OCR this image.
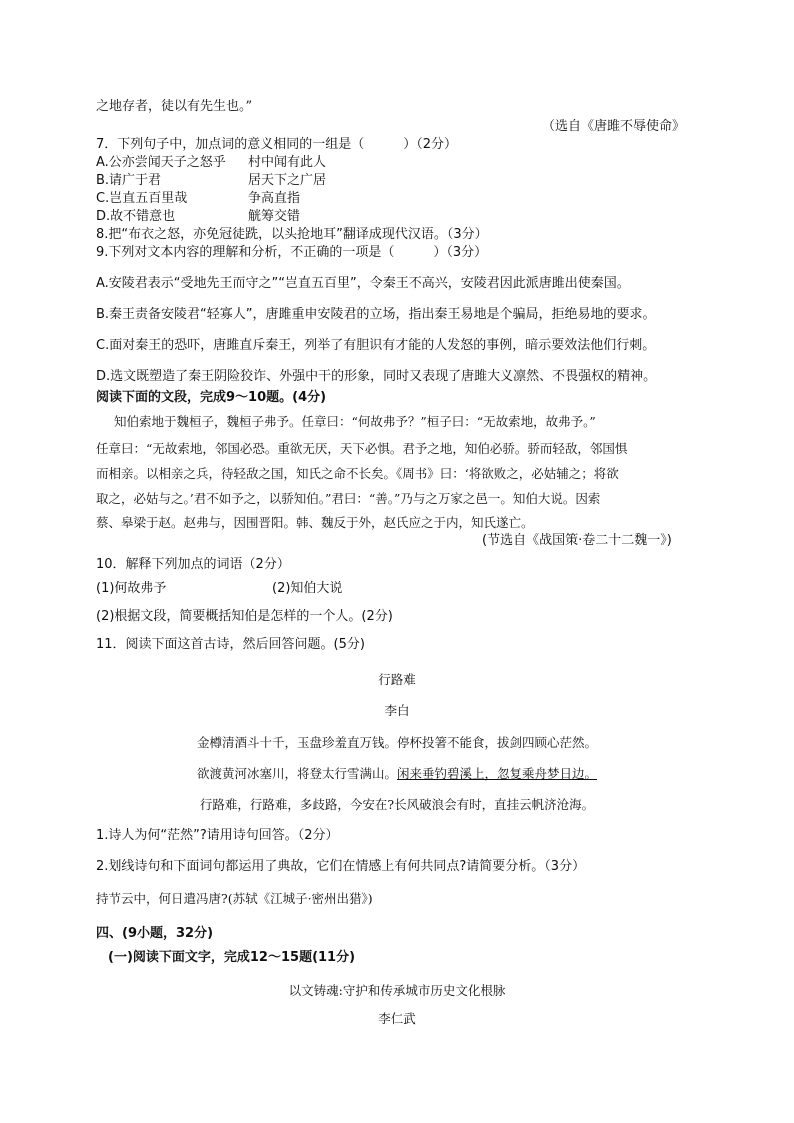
之地存者，徒以有先生也。”
（选自《唐雎不辱使命》
7．下列句子中，加点词的意义相同的一组是（　　　）（2分）
A.公亦尝闻天子之怒乎 村中闻有此人
B.请广于君	居天下之广居
C.岂直五百里哉	争高直指
D.故不错意也	觥筹交错
8.把“布衣之怒，亦免冠徒跣，以头抢地耳”翻译成现代汉语。（3分）
9.下列对文本内容的理解和分析，不正确的一项是（　　　）（3分）
A.安陵君表示“受地先王而守之”“岂直五百里”，令秦王不高兴，安陵君因此派唐雎出使秦国。
B.秦王责备安陵君“轻寡人”，唐雎重申安陵君的立场，指出秦王易地是个骗局，拒绝易地的要求。
C.面对秦王的恐吓，唐雎直斥秦王，列举了有胆识有才能的人发怒的事例，暗示要效法他们行刺。
D.选文既塑造了秦王阴险狡诈、外强中干的形象，同时又表现了唐雎大义凛然、不畏强权的精神。
阅读下面的文段，完成9～10题。(4分)
知伯索地于魏桓子，魏桓子弗予。任章曰：“何故弗予？”桓子曰：“无故索地，故弗予。”
任章曰：“无故索地，邻国必恐。重欲无厌，天下必惧。君予之地，知伯必骄。骄而轻敌，邻国惧
而相亲。以相亲之兵，待轻敌之国，知氏之命不长矣。《周书》曰：‘将欲败之，必姑辅之；将欲
取之，必姑与之。’君不如予之，以骄知伯。”君曰：“善。”乃与之万家之邑一。知伯大说。因索
蔡、皋梁于赵。赵弗与，因围晋阳。韩、魏反于外，赵氏应之于内，知氏遂亡。
(节选自《战国策·卷二十二魏一》)
10．解释下列加点的词语（2分）
(1)何故弗予	(2)知伯大说
(2)根据文段，简要概括知伯是怎样的一个人。(2分)
11．阅读下面这首古诗，然后回答问题。(5分)
行路难
李白
金樽清酒斗十千，玉盘珍羞直万钱。停杯投箸不能食，拔剑四顾心茫然。
欲渡黄河冰塞川，将登太行雪满山。闲来垂钓碧溪上，忽复乘舟梦日边。
行路难，行路难，多歧路，今安在?长风破浪会有时，直挂云帆济沧海。
1.诗人为何“茫然”?请用诗句回答。（2分）
2.划线诗句和下面词句都运用了典故，它们在情感上有何共同点?请简要分析。（3分）
持节云中，何日遣冯唐?(苏轼《江城子·密州出猎》)
四、(9小题，32分)
(一)阅读下面文字，完成12～15题(11分)
以文铸魂:守护和传承城市历史文化根脉
李仁武
